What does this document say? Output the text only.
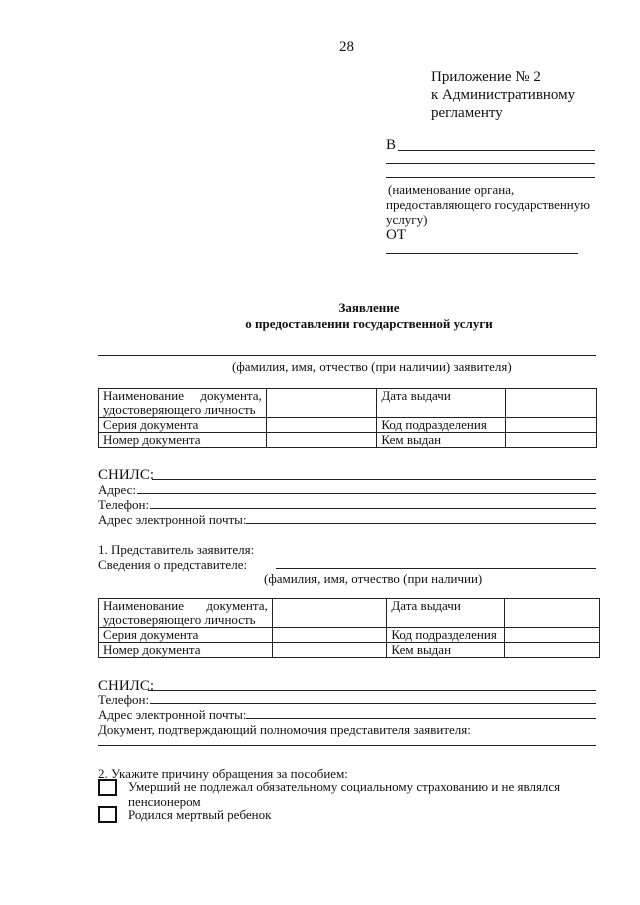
28
Приложение № 2
к Административному
регламенту
В
(наименование органа,
предоставляющего государственную
услугу)
ОТ
Заявление
о предоставлении государственной услуги
(фамилия, имя, отчество (при наличии) заявителя)
Наименование документа, удостоверяющего личность		Дата выдачи	
Серия документа		Код подразделения	
Номер документа		Кем выдан	
СНИЛС:
Адрес:
Телефон:
Адрес электронной почты:
1. Представитель заявителя:
Сведения о представителе:
(фамилия, имя, отчество (при наличии)
Наименование документа, удостоверяющего личность		Дата выдачи	
Серия документа		Код подразделения	
Номер документа		Кем выдан	
СНИЛС:
Телефон:
Адрес электронной почты:
Документ, подтверждающий полномочия представителя заявителя:
2. Укажите причину обращения за пособием:
Умерший не подлежал обязательному социальному страхованию и не являлся
пенсионером
Родился мертвый ребенок
